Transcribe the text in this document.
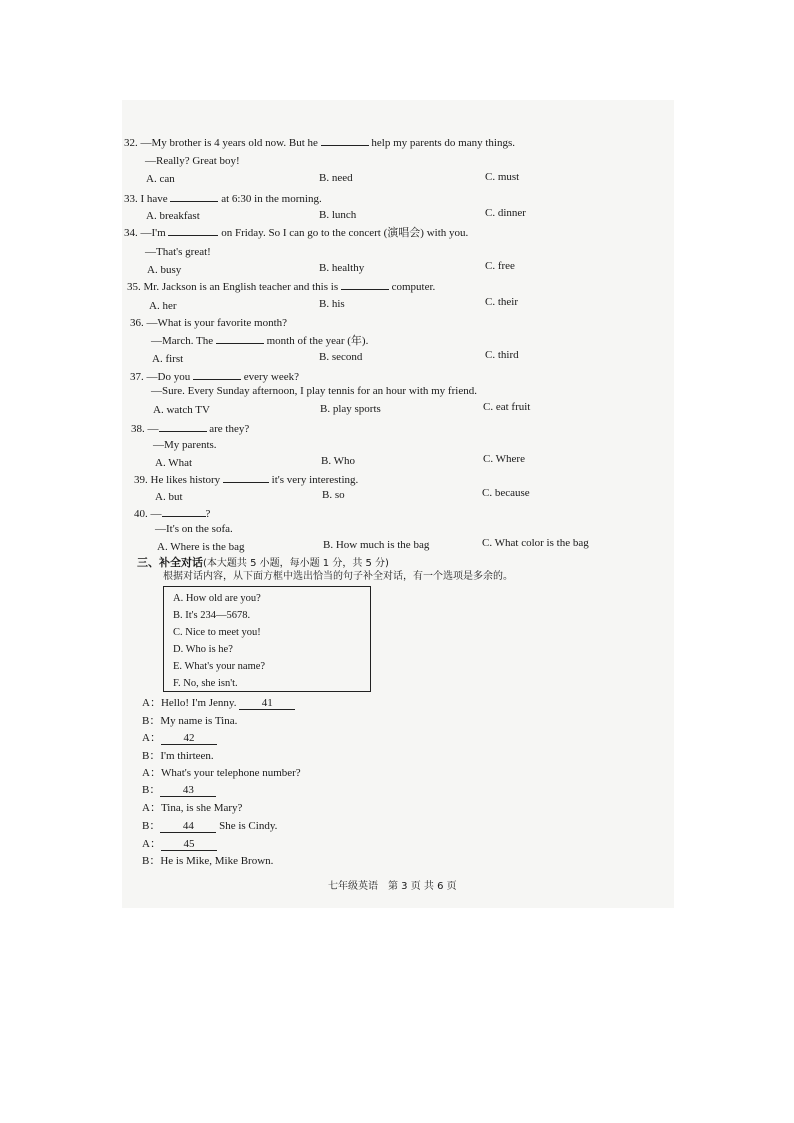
32. —My brother is 4 years old now. But he	help my parents do many things.
—Really? Great boy!
A. can	B. need	C. must
33. I have	at 6:30 in the morning.
A. breakfast	B. lunch	C. dinner
34. —I'm	on Friday. So I can go to the concert (演唱会) with you.
—That's great!
A. busy	B. healthy	C. free
35. Mr. Jackson is an English teacher and this is	computer.
A. her	B. his	C. their
36. —What is your favorite month?
—March. The	month of the year (年).
A. first	B. second	C. third
37. —Do you	every week?
—Sure. Every Sunday afternoon, I play tennis for an hour with my friend.
A. watch TV	B. play sports	C. eat fruit
38. —	are they?
—My parents.
A. What	B. Who	C. Where
39. He likes history	it's very interesting.
A. but	B. so	C. because
40. —	?
—It's on the sofa.
A. Where is the bag	B. How much is the bag	C. What color is the bag
三、补全对话(本大题共 5 小题，每小题 1 分，共 5 分)
根据对话内容，从下面方框中选出恰当的句子补全对话，有一个选项是多余的。
A. How old are you?
B. It's 234—5678.
C. Nice to meet you!
D. Who is he?
E. What's your name?
F. No, she isn't.
A：Hello! I'm Jenny. 41
B：My name is Tina.
A： 42
B：I'm thirteen.
A：What's your telephone number?
B： 43
A：Tina, is she Mary?
B： 44 She is Cindy.
A： 45
B：He is Mike, Mike Brown.
七年级英语　第 3 页 共 6 页
